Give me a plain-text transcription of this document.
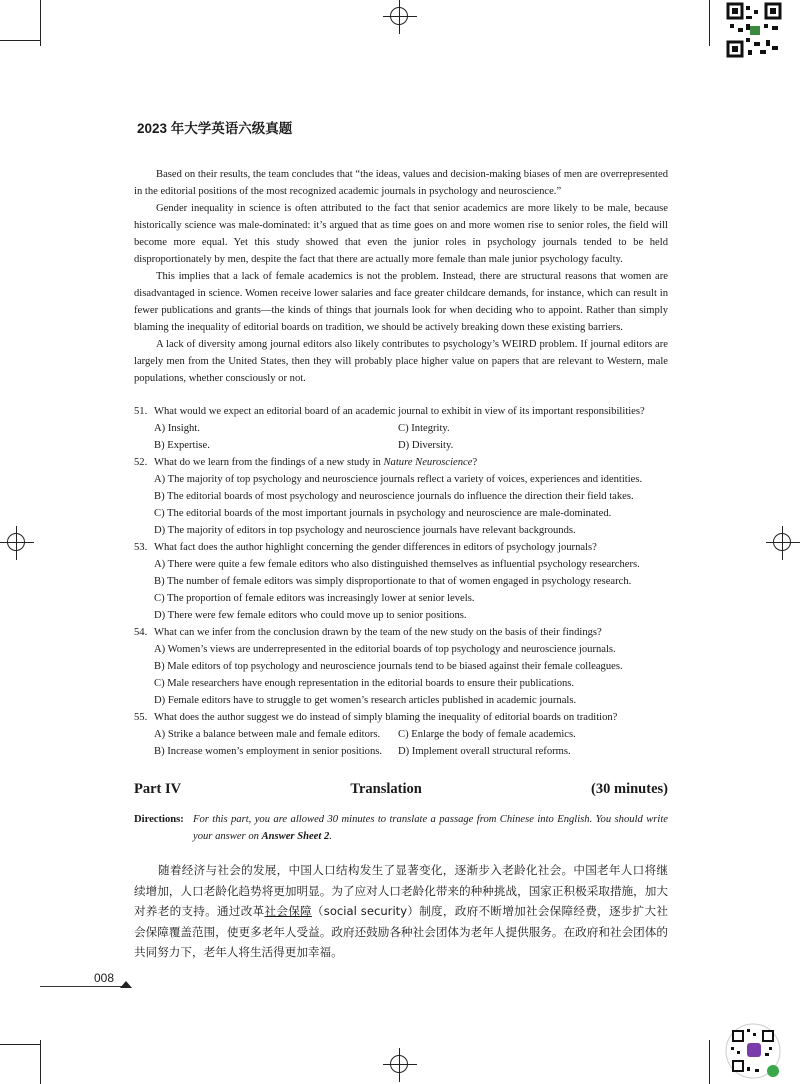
2023 年大学英语六级真题

Based on their results, the team concludes that “the ideas, values and decision-making biases of men are overrepresented in the editorial positions of the most recognized academic journals in psychology and neuroscience.”

Gender inequality in science is often attributed to the fact that senior academics are more likely to be male, because historically science was male-dominated: it’s argued that as time goes on and more women rise to senior roles, the field will become more equal. Yet this study showed that even the junior roles in psychology journals tended to be held disproportionately by men, despite the fact that there are actually more female than male junior psychology faculty.

This implies that a lack of female academics is not the problem. Instead, there are structural reasons that women are disadvantaged in science. Women receive lower salaries and face greater childcare demands, for instance, which can result in fewer publications and grants—the kinds of things that journals look for when deciding who to appoint. Rather than simply blaming the inequality of editorial boards on tradition, we should be actively breaking down these existing barriers.

A lack of diversity among journal editors also likely contributes to psychology’s WEIRD problem. If journal editors are largely men from the United States, then they will probably place higher value on papers that are relevant to Western, male populations, whether consciously or not.

51. What would we expect an editorial board of an academic journal to exhibit in view of its important responsibilities?
A) Insight.	C) Integrity.
B) Expertise.	D) Diversity.
52. What do we learn from the findings of a new study in Nature Neuroscience?
A) The majority of top psychology and neuroscience journals reflect a variety of voices, experiences and identities.
B) The editorial boards of most psychology and neuroscience journals do influence the direction their field takes.
C) The editorial boards of the most important journals in psychology and neuroscience are male-dominated.
D) The majority of editors in top psychology and neuroscience journals have relevant backgrounds.
53. What fact does the author highlight concerning the gender differences in editors of psychology journals?
A) There were quite a few female editors who also distinguished themselves as influential psychology researchers.
B) The number of female editors was simply disproportionate to that of women engaged in psychology research.
C) The proportion of female editors was increasingly lower at senior levels.
D) There were few female editors who could move up to senior positions.
54. What can we infer from the conclusion drawn by the team of the new study on the basis of their findings?
A) Women’s views are underrepresented in the editorial boards of top psychology and neuroscience journals.
B) Male editors of top psychology and neuroscience journals tend to be biased against their female colleagues.
C) Male researchers have enough representation in the editorial boards to ensure their publications.
D) Female editors have to struggle to get women’s research articles published in academic journals.
55. What does the author suggest we do instead of simply blaming the inequality of editorial boards on tradition?
A) Strike a balance between male and female editors.	C) Enlarge the body of female academics.
B) Increase women’s employment in senior positions.	D) Implement overall structural reforms.
Part IV	Translation	(30 minutes)
Directions: For this part, you are allowed 30 minutes to translate a passage from Chinese into English. You should write your answer on Answer Sheet 2.
随着经济与社会的发展，中国人口结构发生了显著变化，逐渐步入老龄化社会。中国老年人口将继续增加，人口老龄化趋势将更加明显。为了应对人口老龄化带来的种种挑战，国家正积极采取措施，加大对养老的支持。通过改革社会保障（social security）制度，政府不断增加社会保障经费，逐步扩大社会保障覆盖范围，使更多老年人受益。政府还鼓励各种社会团体为老年人提供服务。在政府和社会团体的共同努力下，老年人将生活得更加幸福。
008
